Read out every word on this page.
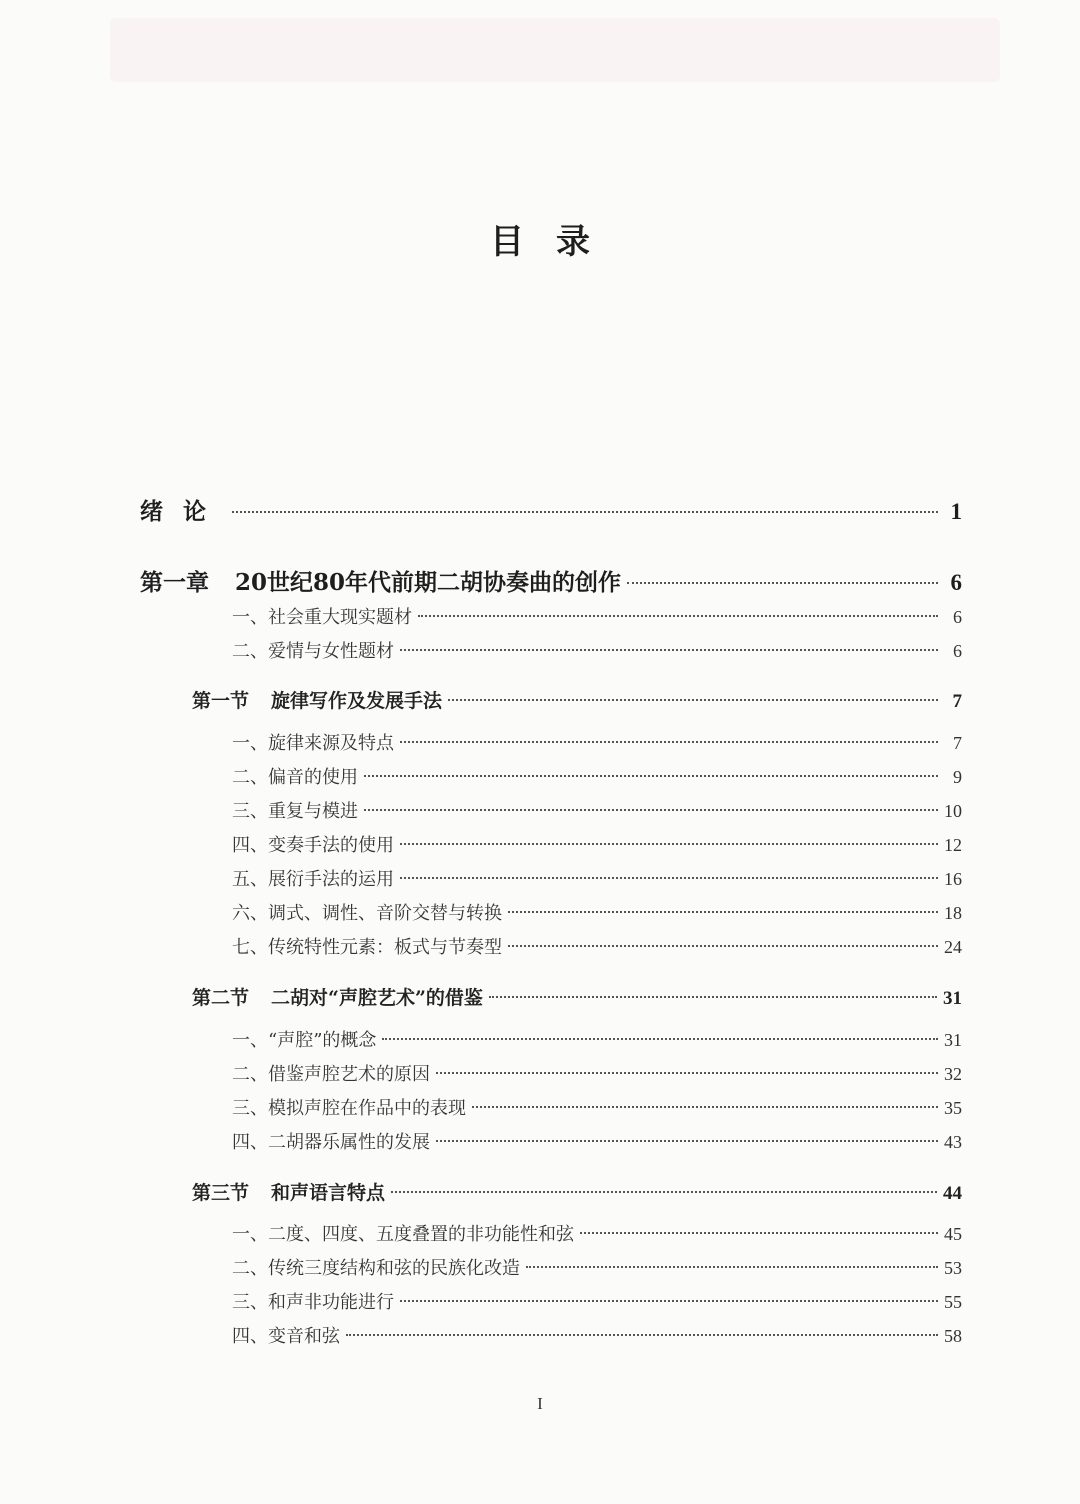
目录
绪论	1
第一章 20世纪80年代前期二胡协奏曲的创作	6
一、社会重大现实题材	6
二、爱情与女性题材	6
第一节 旋律写作及发展手法	7
一、旋律来源及特点	7
二、偏音的使用	9
三、重复与模进	10
四、变奏手法的使用	12
五、展衍手法的运用	16
六、调式、调性、音阶交替与转换	18
七、传统特性元素：板式与节奏型	24
第二节 二胡对“声腔艺术”的借鉴	31
一、“声腔”的概念	31
二、借鉴声腔艺术的原因	32
三、模拟声腔在作品中的表现	35
四、二胡器乐属性的发展	43
第三节 和声语言特点	44
一、二度、四度、五度叠置的非功能性和弦	45
二、传统三度结构和弦的民族化改造	53
三、和声非功能进行	55
四、变音和弦	58
I
